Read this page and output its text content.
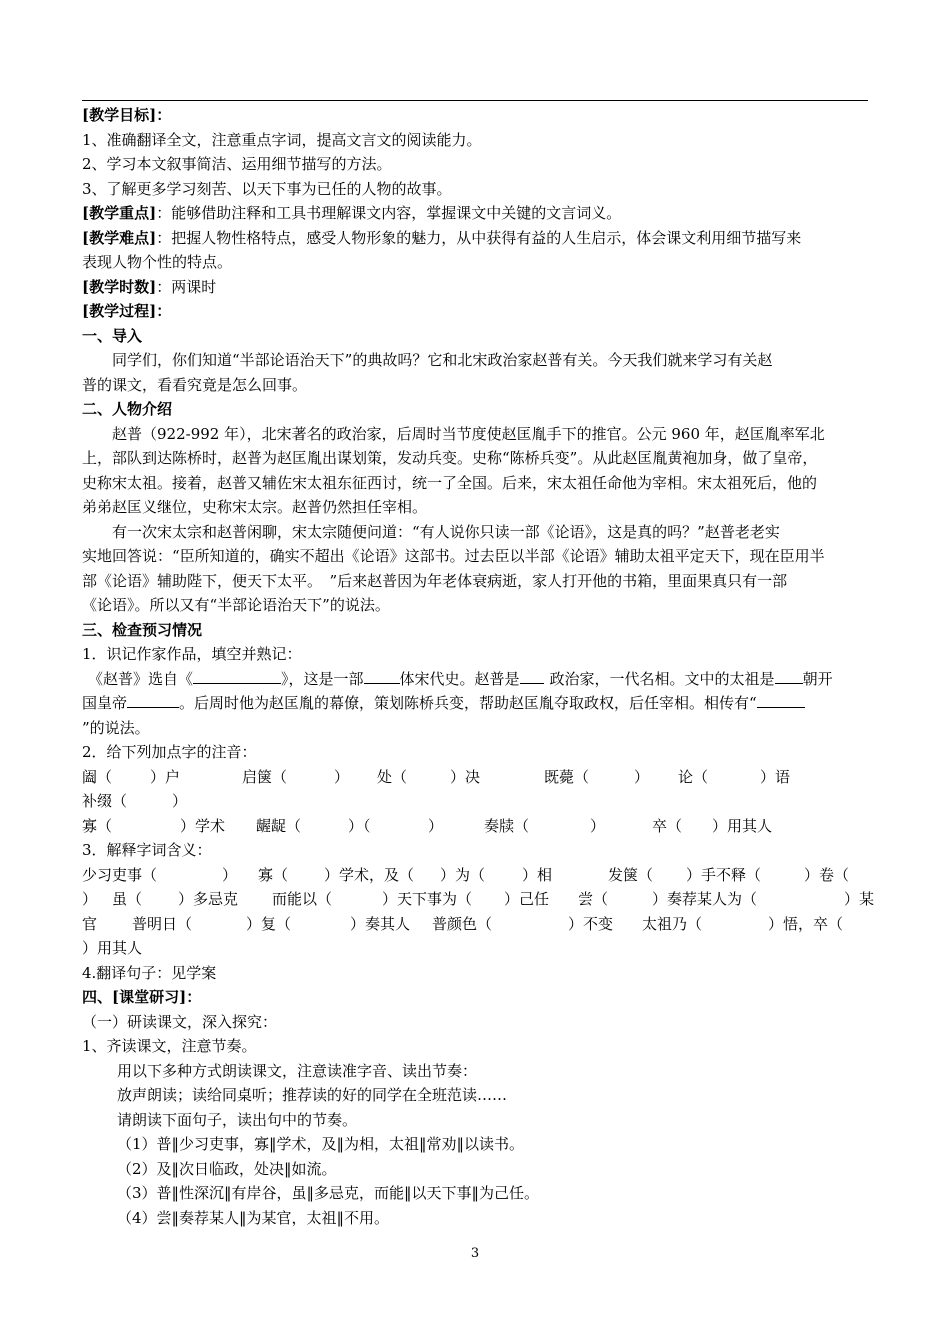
[教学目标]：
1、准确翻译全文，注意重点字词，提高文言文的阅读能力。
2、学习本文叙事简洁、运用细节描写的方法。
3、了解更多学习刻苦、以天下事为已任的人物的故事。
[教学重点]：能够借助注释和工具书理解课文内容，掌握课文中关键的文言词义。
[教学难点]：把握人物性格特点，感受人物形象的魅力，从中获得有益的人生启示，体会课文利用细节描写来
表现人物个性的特点。
[教学时数]：两课时
[教学过程]：
一、导入
同学们，你们知道“半部论语治天下”的典故吗？它和北宋政治家赵普有关。今天我们就来学习有关赵
普的课文，看看究竟是怎么回事。
二、人物介绍
赵普（922-992 年），北宋著名的政治家，后周时当节度使赵匡胤手下的推官。公元 960 年，赵匡胤率军北
上，部队到达陈桥时，赵普为赵匡胤出谋划策，发动兵变。史称“陈桥兵变”。从此赵匡胤黄袍加身，做了皇帝，
史称宋太祖。接着，赵普又辅佐宋太祖东征西讨，统一了全国。后来，宋太祖任命他为宰相。宋太祖死后，他的
弟弟赵匡义继位，史称宋太宗。赵普仍然担任宰相。
有一次宋太宗和赵普闲聊，宋太宗随便问道：“有人说你只读一部《论语》，这是真的吗？”赵普老老实
实地回答说：“臣所知道的，确实不超出《论语》这部书。过去臣以半部《论语》辅助太祖平定天下，现在臣用半
部《论语》辅助陛下，便天下太平。　”后来赵普因为年老体衰病逝，家人打开他的书箱，里面果真只有一部
《论语》。所以又有“半部论语治天下”的说法。
三、检查预习情况
1．识记作家作品，填空并熟记：
《赵普》选自《	》，这是一部 体宋代史。赵普是 政治家，一代名相。文中的太祖是 朝开
国皇帝	。后周时他为赵匡胤的幕僚，策划陈桥兵变，帮助赵匡胤夺取政权，后任宰相。相传有“
”的说法。
2．给下列加点字的注音：
阖（	）户	启箧（	） 处（	）决	既薨（	） 论（	）语
补缀（	）
寡（	）学术 龌龊（	）（	）	奏牍（	）	卒（ ）用其人
3．解释字词含义：
少习吏事（	） 寡（ ）学术，及（ ）为（ ）相	发箧（ ）手不释（	）卷（
） 虽（ ）多忌克 而能以（	）天下事为（ ）己任 尝（	）奏荐某人为（	）某
官 普明日（	）复（	）奏其人 普颜色（	）不变 太祖乃（	）悟，卒（
）用其人
4.翻译句子：见学案
四、[课堂研习]：
（一）研读课文，深入探究：
1、齐读课文，注意节奏。
用以下多种方式朗读课文，注意读准字音、读出节奏：
放声朗读；读给同桌听；推荐读的好的同学在全班范读……
请朗读下面句子，读出句中的节奏。
（1）普‖少习吏事，寡‖学术，及‖为相，太祖‖常劝‖以读书。
（2）及‖次日临政，处决‖如流。
（3）普‖性深沉‖有岸谷，虽‖多忌克，而能‖以天下事‖为己任。
（4）尝‖奏荐某人‖为某官，太祖‖不用。
3
